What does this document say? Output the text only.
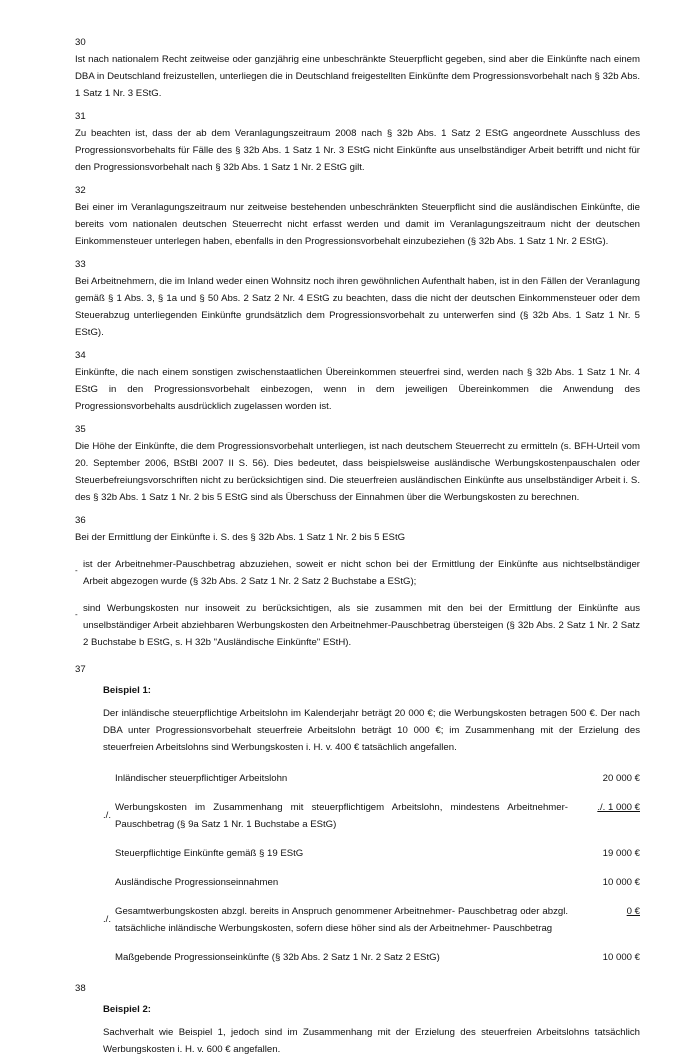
30
Ist nach nationalem Recht zeitweise oder ganzjährig eine unbeschränkte Steuerpflicht gegeben, sind aber die Einkünfte nach einem DBA in Deutschland freizustellen, unterliegen die in Deutschland freigestellten Einkünfte dem Progressionsvorbehalt nach § 32b Abs. 1 Satz 1 Nr. 3 EStG.
31
Zu beachten ist, dass der ab dem Veranlagungszeitraum 2008 nach § 32b Abs. 1 Satz 2 EStG angeordnete Ausschluss des Progressionsvorbehalts für Fälle des § 32b Abs. 1 Satz 1 Nr. 3 EStG nicht Einkünfte aus unselbständiger Arbeit betrifft und nicht für den Progressionsvorbehalt nach § 32b Abs. 1 Satz 1 Nr. 2 EStG gilt.
32
Bei einer im Veranlagungszeitraum nur zeitweise bestehenden unbeschränkten Steuerpflicht sind die ausländischen Einkünfte, die bereits vom nationalen deutschen Steuerrecht nicht erfasst werden und damit im Veranlagungszeitraum nicht der deutschen Einkommensteuer unterlegen haben, ebenfalls in den Progressionsvorbehalt einzubeziehen (§ 32b Abs. 1 Satz 1 Nr. 2 EStG).
33
Bei Arbeitnehmern, die im Inland weder einen Wohnsitz noch ihren gewöhnlichen Aufenthalt haben, ist in den Fällen der Veranlagung gemäß § 1 Abs. 3, § 1a und § 50 Abs. 2 Satz 2 Nr. 4 EStG zu beachten, dass die nicht der deutschen Einkommensteuer oder dem Steuerabzug unterliegenden Einkünfte grundsätzlich dem Progressionsvorbehalt zu unterwerfen sind (§ 32b Abs. 1 Satz 1 Nr. 5 EStG).
34
Einkünfte, die nach einem sonstigen zwischenstaatlichen Übereinkommen steuerfrei sind, werden nach § 32b Abs. 1 Satz 1 Nr. 4 EStG in den Progressionsvorbehalt einbezogen, wenn in dem jeweiligen Übereinkommen die Anwendung des Progressionsvorbehalts ausdrücklich zugelassen worden ist.
35
Die Höhe der Einkünfte, die dem Progressionsvorbehalt unterliegen, ist nach deutschem Steuerrecht zu ermitteln (s. BFH-Urteil vom 20. September 2006, BStBl 2007 II S. 56). Dies bedeutet, dass beispielsweise ausländische Werbungskostenpauschalen oder Steuerbefreiungsvorschriften nicht zu berücksichtigen sind. Die steuerfreien ausländischen Einkünfte aus unselbständiger Arbeit i. S. des § 32b Abs. 1 Satz 1 Nr. 2 bis 5 EStG sind als Überschuss der Einnahmen über die Werbungskosten zu berechnen.
36
Bei der Ermittlung der Einkünfte i. S. des § 32b Abs. 1 Satz 1 Nr. 2 bis 5 EStG
-
ist der Arbeitnehmer-Pauschbetrag abzuziehen, soweit er nicht schon bei der Ermittlung der Einkünfte aus nichtselbständiger Arbeit abgezogen wurde (§ 32b Abs. 2 Satz 1 Nr. 2 Satz 2 Buchstabe a EStG);
-
sind Werbungskosten nur insoweit zu berücksichtigen, als sie zusammen mit den bei der Ermittlung der Einkünfte aus unselbständiger Arbeit abziehbaren Werbungskosten den Arbeitnehmer-Pauschbetrag übersteigen (§ 32b Abs. 2 Satz 1 Nr. 2 Satz 2 Buchstabe b EStG, s. H 32b "Ausländische Einkünfte" EStH).
37
Beispiel 1:
Der inländische steuerpflichtige Arbeitslohn im Kalenderjahr beträgt 20 000 €; die Werbungskosten betragen 500 €. Der nach DBA unter Progressionsvorbehalt steuerfreie Arbeitslohn beträgt 10 000 €; im Zusammenhang mit der Erzielung des steuerfreien Arbeitslohns sind Werbungskosten i. H. v. 400 € tatsächlich angefallen.
	Inländischer steuerpflichtiger Arbeitslohn	20 000 €
./.	Werbungskosten im Zusammenhang mit steuerpflichtigem Arbeitslohn, mindestens Arbeitnehmer- Pauschbetrag (§ 9a Satz 1 Nr. 1 Buchstabe a EStG)	./. 1 000 €
	Steuerpflichtige Einkünfte gemäß § 19 EStG	19 000 €
	Ausländische Progressionseinnahmen	10 000 €
./.	Gesamtwerbungskosten abzgl. bereits in Anspruch genommener Arbeitnehmer- Pauschbetrag oder abzgl. tatsächliche inländische Werbungskosten, sofern diese höher sind als der Arbeitnehmer- Pauschbetrag	0 €
	Maßgebende Progressionseinkünfte (§ 32b Abs. 2 Satz 1 Nr. 2 Satz 2 EStG)	10 000 €
38
Beispiel 2:
Sachverhalt wie Beispiel 1, jedoch sind im Zusammenhang mit der Erzielung des steuerfreien Arbeitslohns tatsächlich Werbungskosten i. H. v. 600 € angefallen.
